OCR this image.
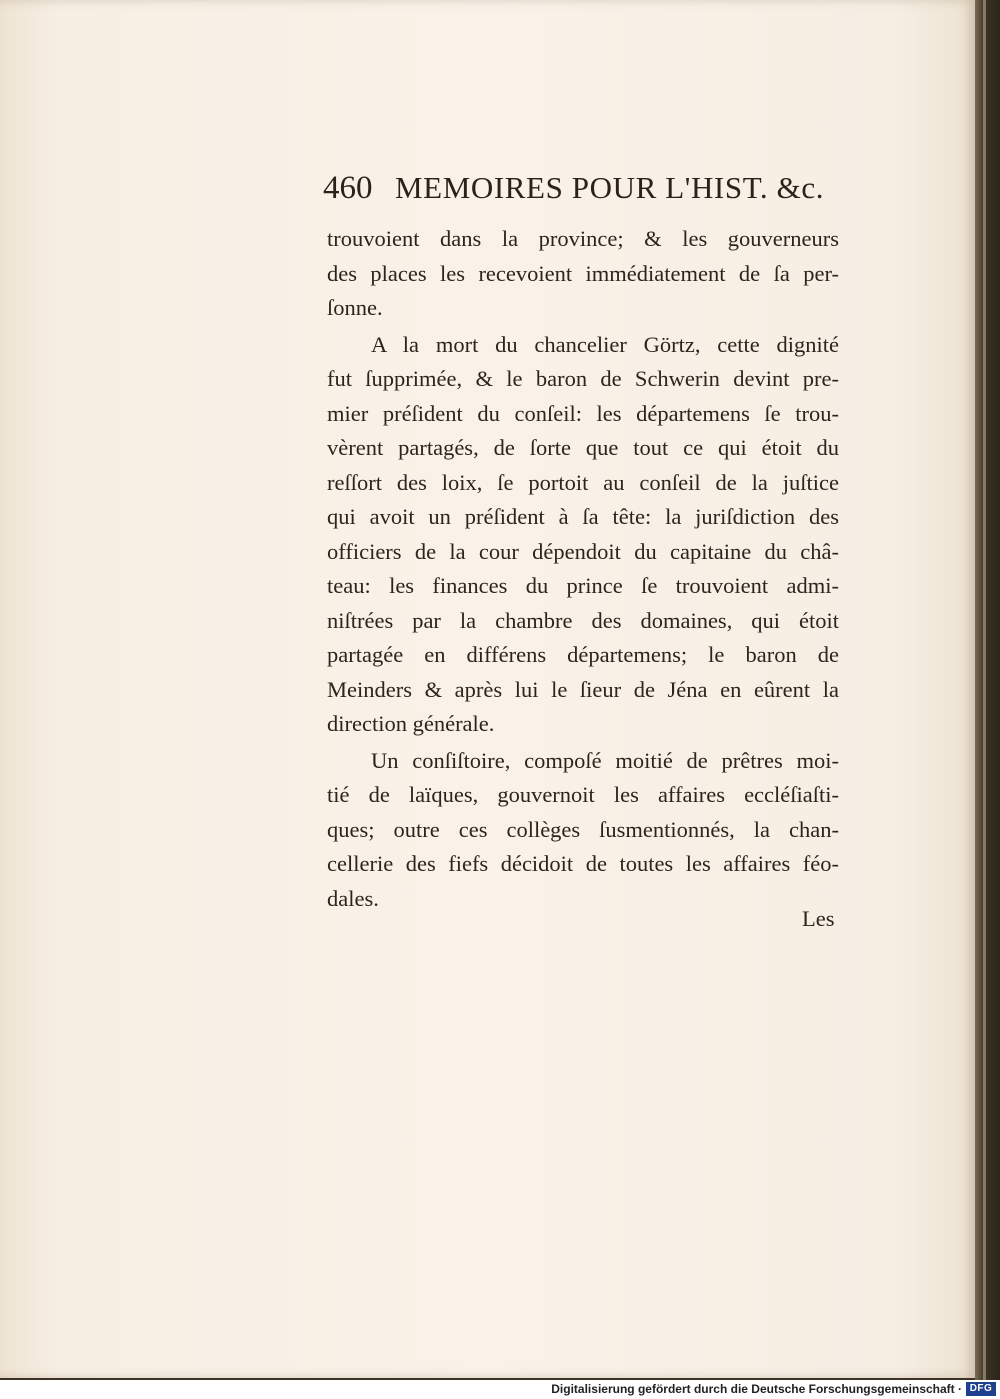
460 MEMOIRES POUR L'HIST. &c.
trouvoient dans la province; & les gouverneurs
des places les recevoient immédiatement de ſa per-
ſonne.
A la mort du chancelier Görtz, cette dignité
fut ſupprimée, & le baron de Schwerin devint pre-
mier préſident du conſeil: les départemens ſe trou-
vèrent partagés, de ſorte que tout ce qui étoit du
reſſort des loix, ſe portoit au conſeil de la juſtice
qui avoit un préſident à ſa tête: la juriſdiction des
officiers de la cour dépendoit du capitaine du châ-
teau: les finances du prince ſe trouvoient admi-
niſtrées par la chambre des domaines, qui étoit
partagée en différens départemens; le baron de
Meinders & après lui le ſieur de Jéna en eûrent la
direction générale.
Un conſiſtoire, compoſé moitié de prêtres moi-
tié de laïques, gouvernoit les affaires eccléſiaſti-
ques; outre ces collèges ſusmentionnés, la chan-
cellerie des fiefs décidoit de toutes les affaires féo-
dales.
Les
Digitalisierung gefördert durch die Deutsche Forschungsgemeinschaft · DFG
